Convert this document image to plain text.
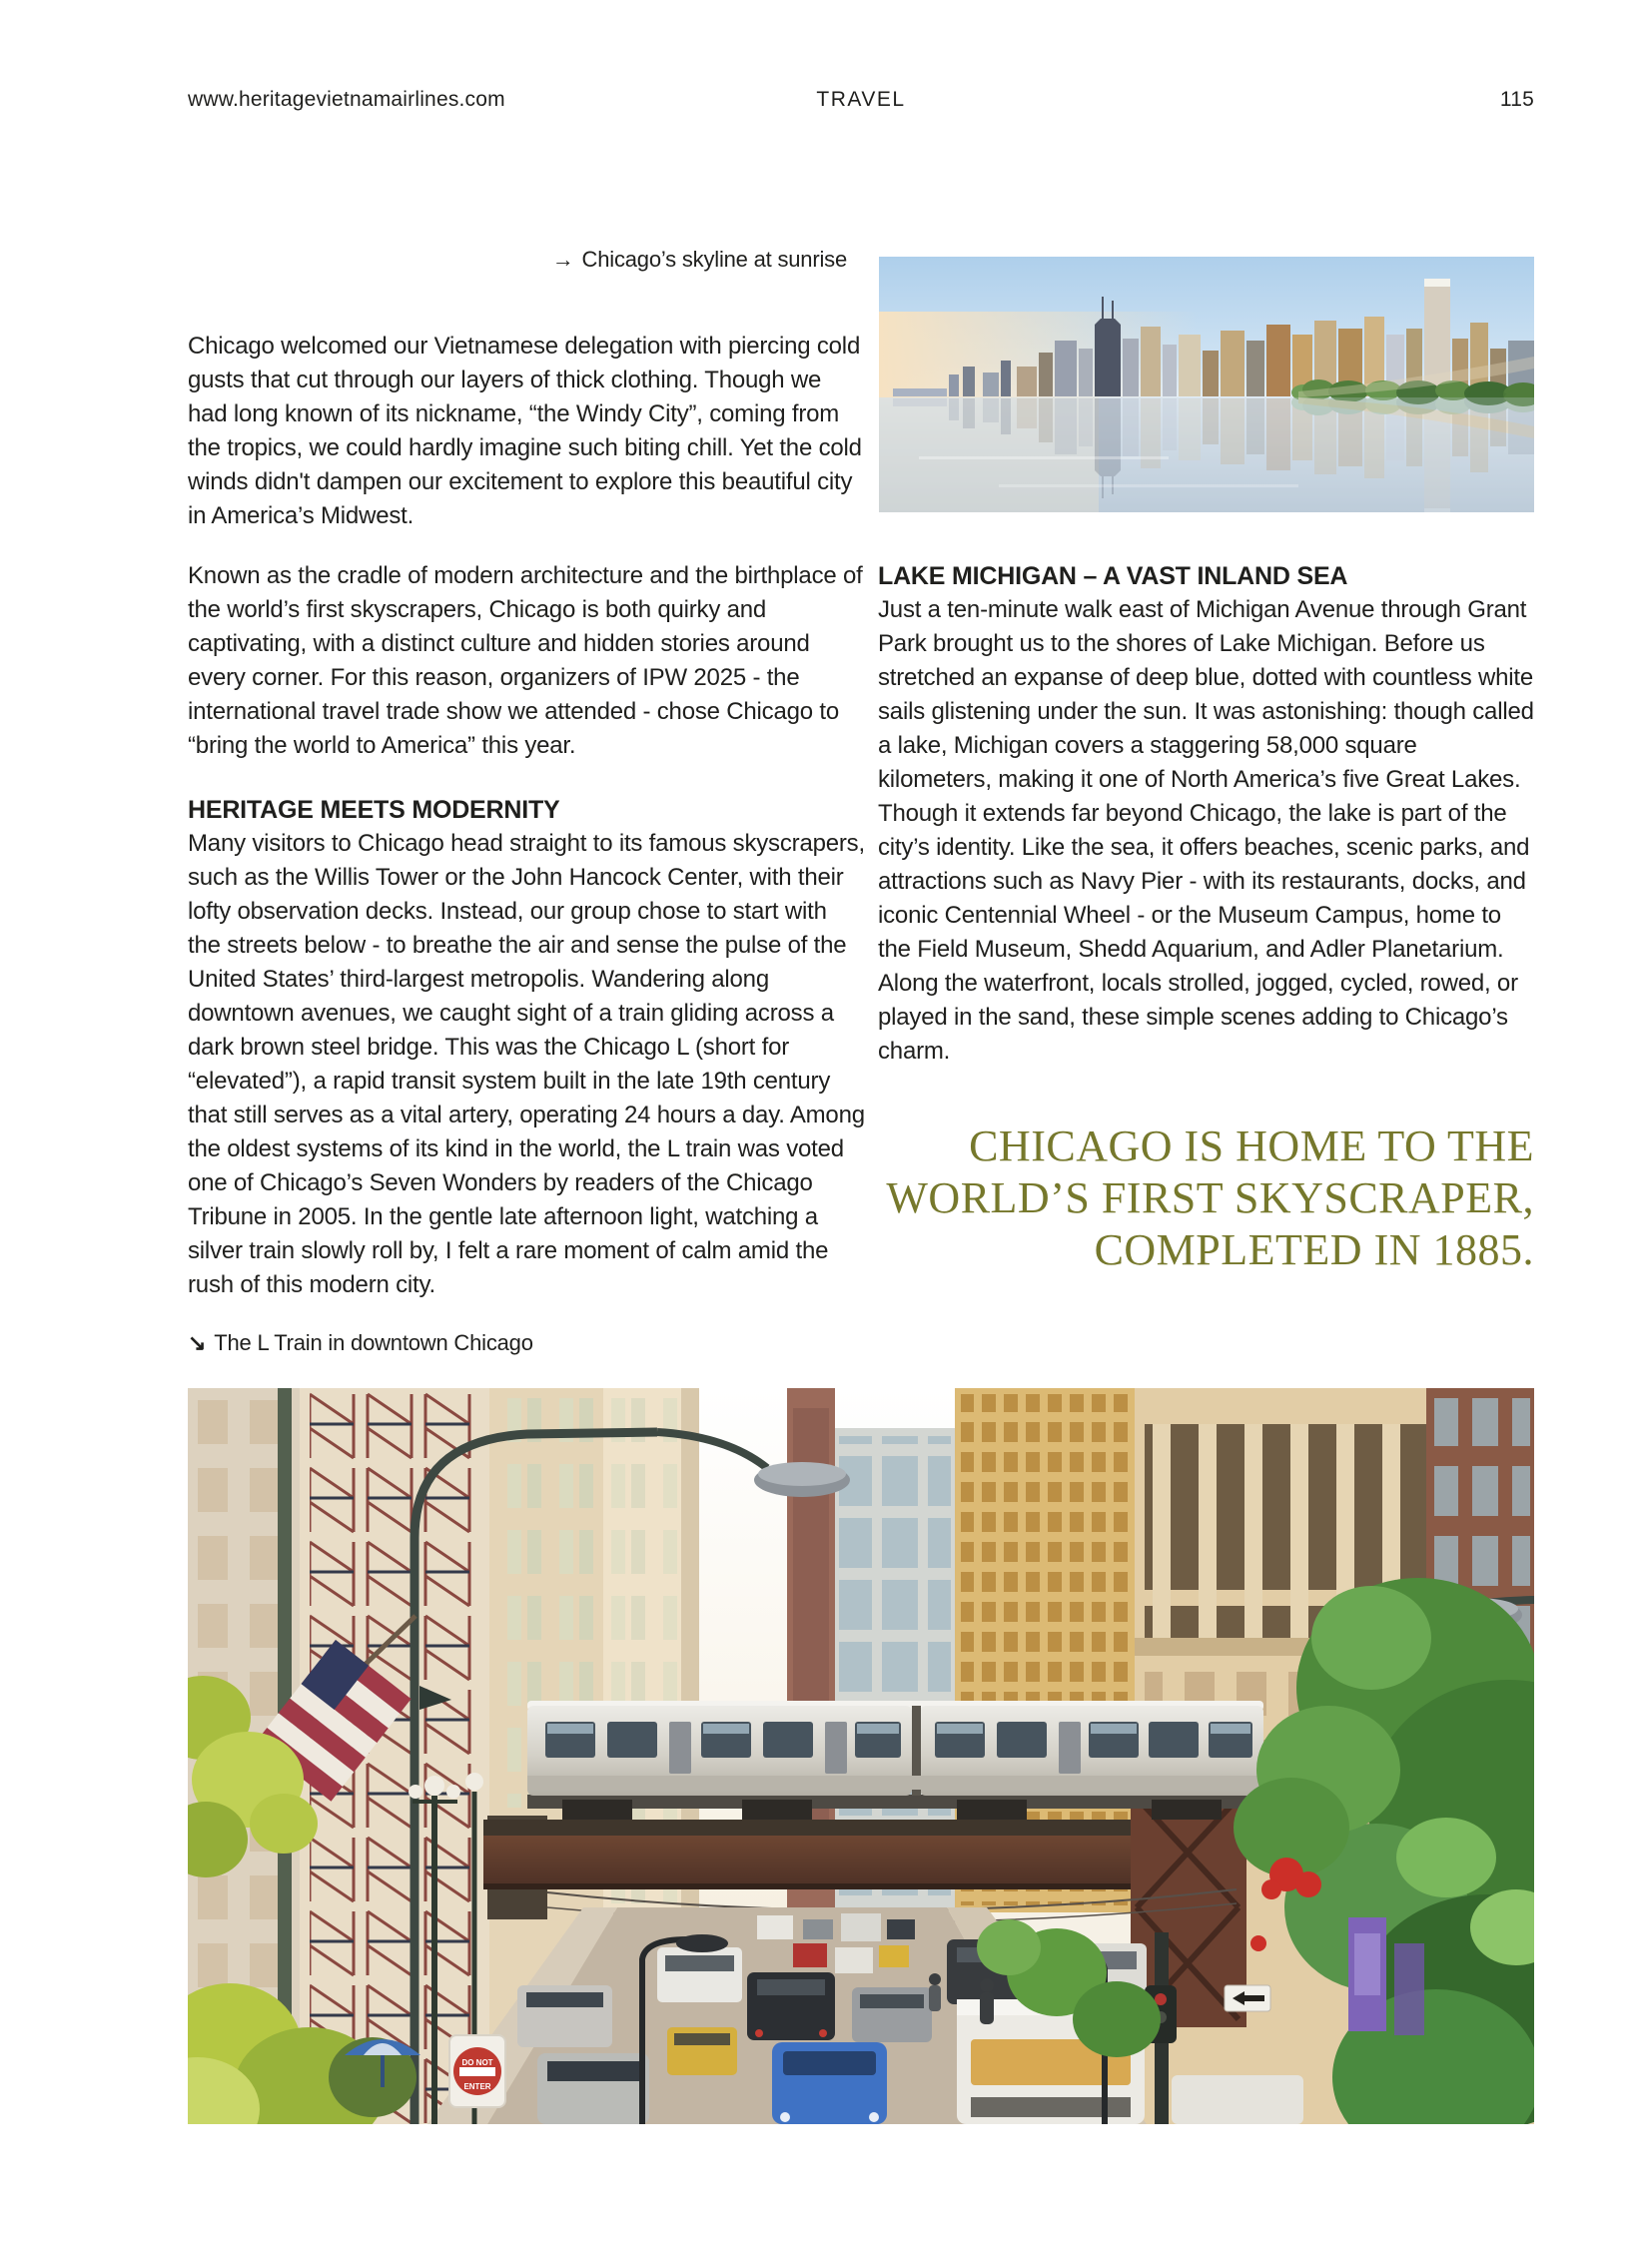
www.heritagevietnamairlines.com	TRAVEL	115
→ Chicago’s skyline at sunrise

Chicago welcomed our Vietnamese delegation with piercing cold gusts that cut through our layers of thick clothing. Though we had long known of its nickname, “the Windy City”, coming from the tropics, we could hardly imagine such biting chill. Yet the cold winds didn't dampen our excitement to explore this beautiful city in America’s Midwest.

Known as the cradle of modern architecture and the birthplace of the world’s first skyscrapers, Chicago is both quirky and captivating, with a distinct culture and hidden stories around every corner. For this reason, organizers of IPW 2025 - the international travel trade show we attended - chose Chicago to “bring the world to America” this year.

HERITAGE MEETS MODERNITY

Many visitors to Chicago head straight to its famous skyscrapers, such as the Willis Tower or the John Hancock Center, with their lofty observation decks. Instead, our group chose to start with the streets below - to breathe the air and sense the pulse of the United States’ third-largest metropolis. Wandering along downtown avenues, we caught sight of a train gliding across a dark brown steel bridge. This was the Chicago L (short for “elevated”), a rapid transit system built in the late 19th century that still serves as a vital artery, operating 24 hours a day. Among the oldest systems of its kind in the world, the L train was voted one of Chicago’s Seven Wonders by readers of the Chicago Tribune in 2005. In the gentle late afternoon light, watching a silver train slowly roll by, I felt a rare moment of calm amid the rush of this modern city.

LAKE MICHIGAN – A VAST INLAND SEA

Just a ten-minute walk east of Michigan Avenue through Grant Park brought us to the shores of Lake Michigan. Before us stretched an expanse of deep blue, dotted with countless white sails glistening under the sun. It was astonishing: though called a lake, Michigan covers a staggering 58,000 square kilometers, making it one of North America’s five Great Lakes. Though it extends far beyond Chicago, the lake is part of the city’s identity. Like the sea, it offers beaches, scenic parks, and attractions such as Navy Pier - with its restaurants, docks, and iconic Centennial Wheel - or the Museum Campus, home to the Field Museum, Shedd Aquarium, and Adler Planetarium. Along the waterfront, locals strolled, jogged, cycled, rowed, or played in the sand, these simple scenes adding to Chicago’s charm.

CHICAGO IS HOME TO THE
WORLD’S FIRST SKYSCRAPER,
COMPLETED IN 1885.
↘ The L Train in downtown Chicago
DO NOT
ENTER
